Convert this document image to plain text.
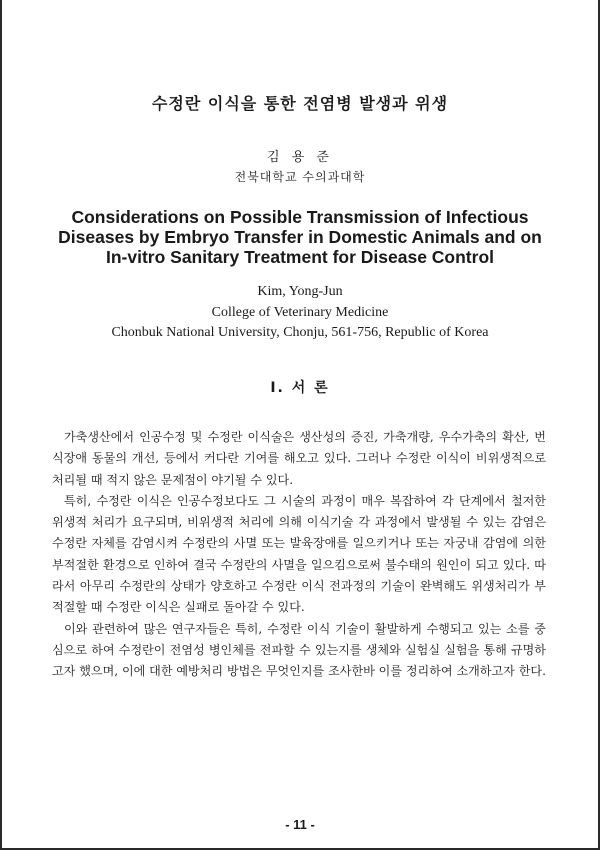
수정란 이식을 통한 전염병 발생과 위생
김 용 준
전북대학교 수의과대학
Considerations on Possible Transmission of Infectious
Diseases by Embryo Transfer in Domestic Animals and on
In-vitro Sanitary Treatment for Disease Control
Kim, Yong-Jun
College of Veterinary Medicine
Chonbuk National University, Chonju, 561-756, Republic of Korea
I. 서 론

가축생산에서 인공수정 및 수정란 이식술은 생산성의 증진, 가축개량, 우수가축의 확산, 번식장애 동물의 개선, 등에서 커다란 기여를 해오고 있다. 그러나 수정란 이식이 비위생적으로 처리될 때 적지 않은 문제점이 야기될 수 있다.

특히, 수정란 이식은 인공수정보다도 그 시술의 과정이 매우 복잡하여 각 단계에서 철저한 위생적 처리가 요구되며, 비위생적 처리에 의해 이식기술 각 과정에서 발생될 수 있는 감염은 수정란 자체를 감염시켜 수정란의 사멸 또는 발육장애를 일으키거나 또는 자궁내 감염에 의한 부적절한 환경으로 인하여 결국 수정란의 사멸을 일으킴으로써 불수태의 원인이 되고 있다. 따라서 아무리 수정란의 상태가 양호하고 수정란 이식 전과정의 기술이 완벽해도 위생처리가 부적절할 때 수정란 이식은 실패로 돌아갈 수 있다.

이와 관련하여 많은 연구자들은 특히, 수정란 이식 기술이 활발하게 수행되고 있는 소를 중심으로 하여 수정란이 전염성 병인체를 전파할 수 있는지를 생체와 실험실 실험을 통해 규명하고자 했으며, 이에 대한 예방처리 방법은 무엇인지를 조사한바 이를 정리하여 소개하고자 한다.

- 11 -
